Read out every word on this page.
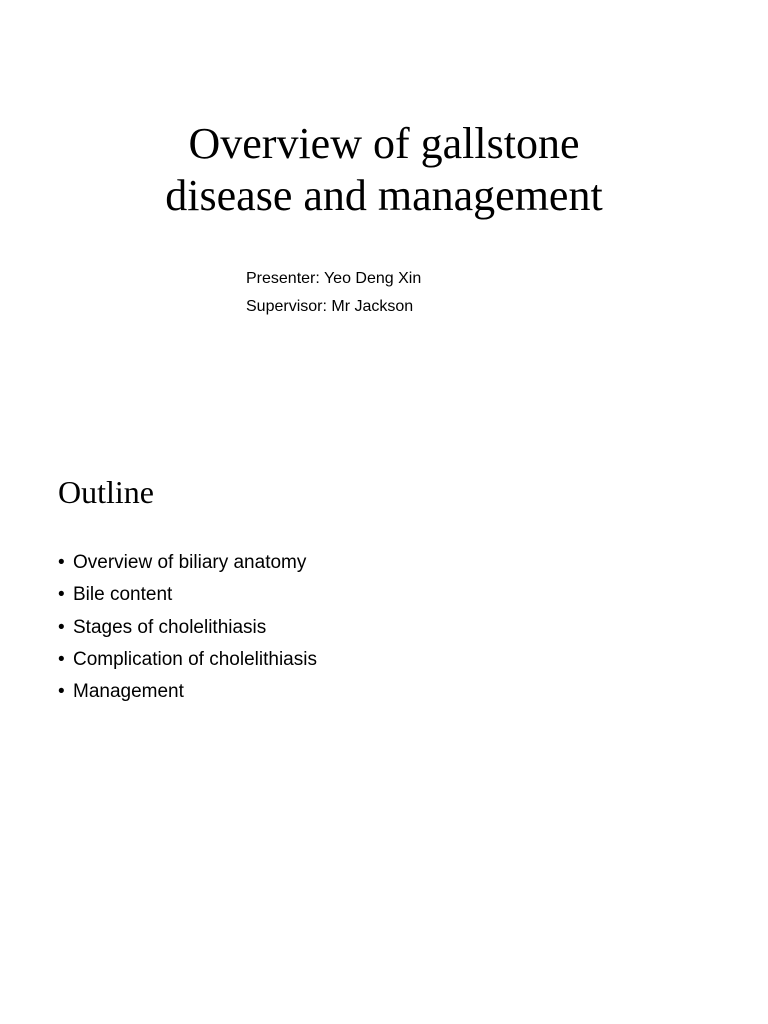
Overview of gallstone
disease and management
Presenter: Yeo Deng Xin
Supervisor: Mr Jackson
Outline
• Overview of biliary anatomy
• Bile content
• Stages of cholelithiasis
• Complication of cholelithiasis
• Management
